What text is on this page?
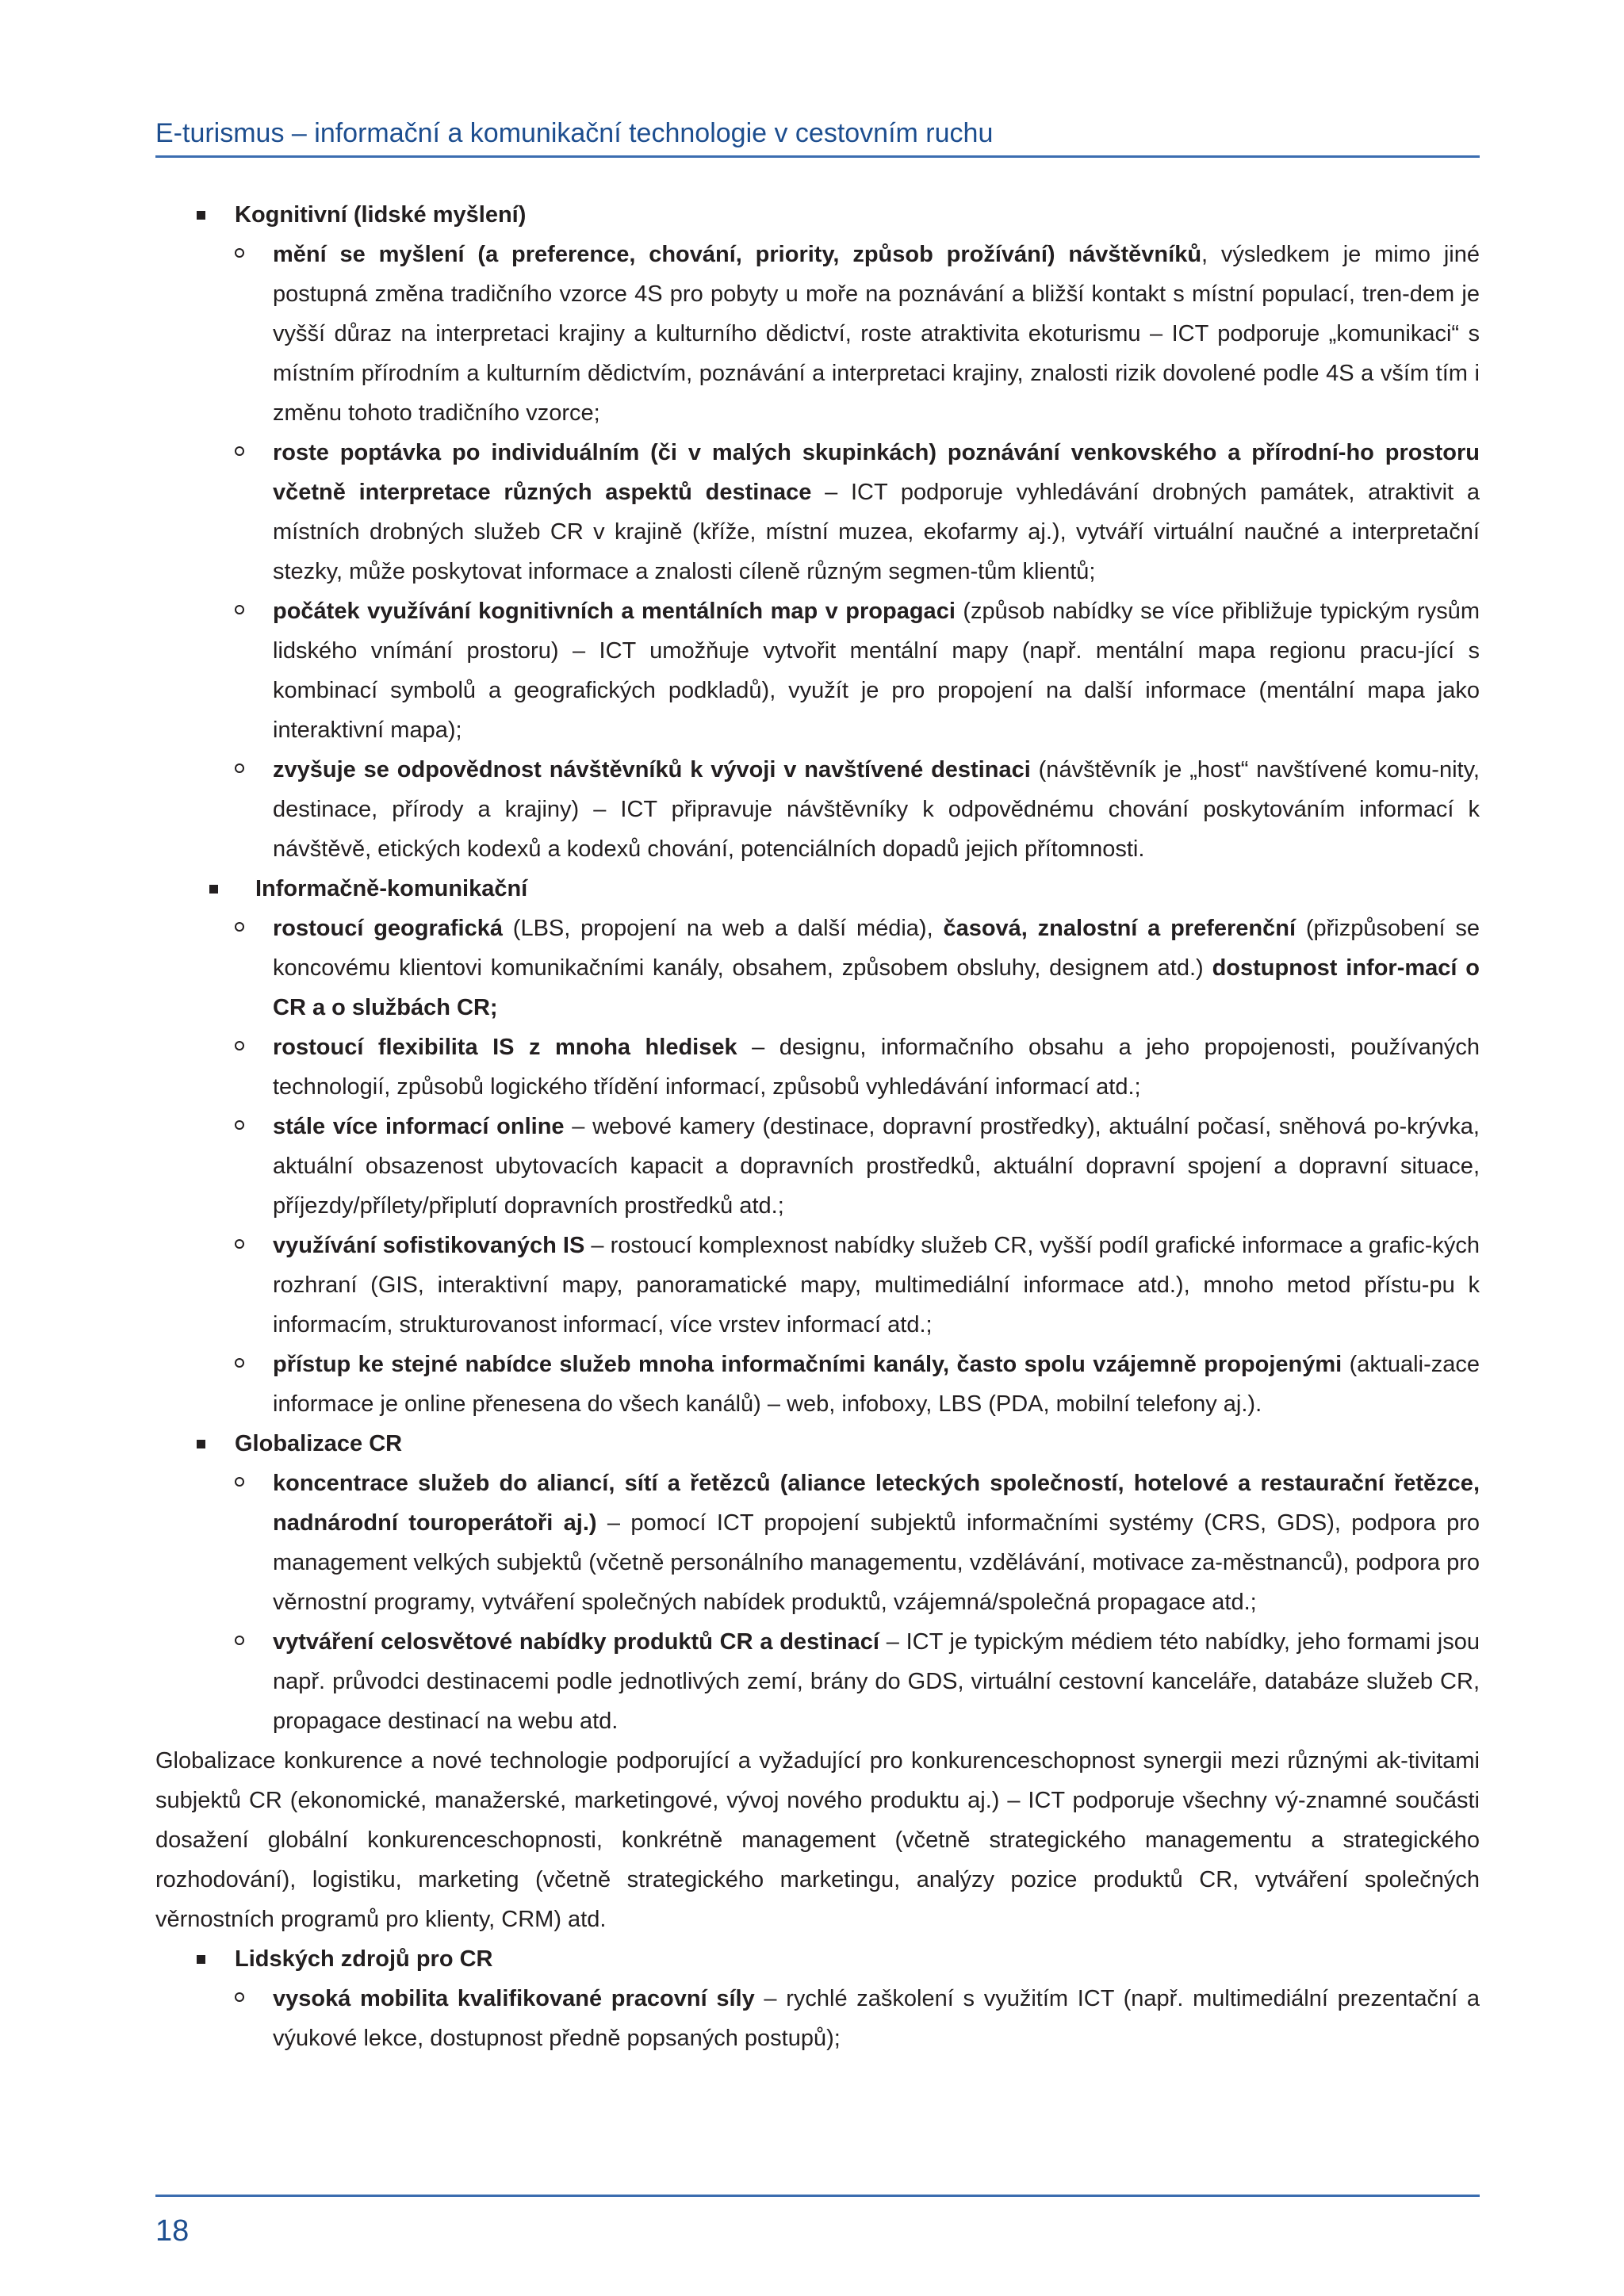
E-turismus – informační a komunikační technologie v cestovním ruchu
Kognitivní (lidské myšlení)
mění se myšlení (a preference, chování, priority, způsob prožívání) návštěvníků, výsledkem je mimo jiné postupná změna tradičního vzorce 4S pro pobyty u moře na poznávání a bližší kontakt s místní populací, tren-dem je vyšší důraz na interpretaci krajiny a kulturního dědictví, roste atraktivita ekoturismu – ICT podporuje „komunikaci“ s místním přírodním a kulturním dědictvím, poznávání a interpretaci krajiny, znalosti rizik dovolené podle 4S a vším tím i změnu tohoto tradičního vzorce;
roste poptávka po individuálním (či v malých skupinkách) poznávání venkovského a přírodní-ho prostoru včetně interpretace různých aspektů destinace – ICT podporuje vyhledávání drobných památek, atraktivit a místních drobných služeb CR v krajině (kříže, místní muzea, ekofarmy aj.), vytváří virtuální naučné a interpretační stezky, může poskytovat informace a znalosti cíleně různým segmen-tům klientů;
počátek využívání kognitivních a mentálních map v propagaci (způsob nabídky se více přibližuje typickým rysům lidského vnímání prostoru) – ICT umožňuje vytvořit mentální mapy (např. mentální mapa regionu pracu-jící s kombinací symbolů a geografických podkladů), využít je pro propojení na další informace (mentální mapa jako interaktivní mapa);
zvyšuje se odpovědnost návštěvníků k vývoji v navštívené destinaci (návštěvník je „host“ navštívené komu-nity, destinace, přírody a krajiny) – ICT připravuje návštěvníky k odpovědnému chování poskytováním informací k návštěvě, etických kodexů a kodexů chování, potenciálních dopadů jejich přítomnosti.
Informačně-komunikační
rostoucí geografická (LBS, propojení na web a další média), časová, znalostní a preferenční (přizpůsobení se koncovému klientovi komunikačními kanály, obsahem, způsobem obsluhy, designem atd.) dostupnost infor-mací o CR a o službách CR;
rostoucí flexibilita IS z mnoha hledisek – designu, informačního obsahu a jeho propojenosti, používaných technologií, způsobů logického třídění informací, způsobů vyhledávání informací atd.;
stále více informací online – webové kamery (destinace, dopravní prostředky), aktuální počasí, sněhová po-krývka, aktuální obsazenost ubytovacích kapacit a dopravních prostředků, aktuální dopravní spojení a dopravní situace, příjezdy/přílety/připlutí dopravních prostředků atd.;
využívání sofistikovaných IS – rostoucí komplexnost nabídky služeb CR, vyšší podíl grafické informace a grafic-kých rozhraní (GIS, interaktivní mapy, panoramatické mapy, multimediální informace atd.), mnoho metod přístu-pu k informacím, strukturovanost informací, více vrstev informací atd.;
přístup ke stejné nabídce služeb mnoha informačními kanály, často spolu vzájemně propojenými (aktuali-zace informace je online přenesena do všech kanálů) – web, infoboxy, LBS (PDA, mobilní telefony aj.).
Globalizace CR
koncentrace služeb do aliancí, sítí a řetězců (aliance leteckých společností, hotelové a restaurační řetězce, nadnárodní touroperátoři aj.) – pomocí ICT propojení subjektů informačními systémy (CRS, GDS), podpora pro management velkých subjektů (včetně personálního managementu, vzdělávání, motivace za-městnanců), podpora pro věrnostní programy, vytváření společných nabídek produktů, vzájemná/společná propagace atd.;
vytváření celosvětové nabídky produktů CR a destinací – ICT je typickým médiem této nabídky, jeho formami jsou např. průvodci destinacemi podle jednotlivých zemí, brány do GDS, virtuální cestovní kanceláře, databáze služeb CR, propagace destinací na webu atd.
Globalizace konkurence a nové technologie podporující a vyžadující pro konkurenceschopnost synergii mezi různými ak-tivitami subjektů CR (ekonomické, manažerské, marketingové, vývoj nového produktu aj.) – ICT podporuje všechny vý-znamné součásti dosažení globální konkurenceschopnosti, konkrétně management (včetně strategického managementu a strategického rozhodování), logistiku, marketing (včetně strategického marketingu, analýzy pozice produktů CR, vytváření společných věrnostních programů pro klienty, CRM) atd.
Lidských zdrojů pro CR
vysoká mobilita kvalifikované pracovní síly – rychlé zaškolení s využitím ICT (např. multimediální prezentační a výukové lekce, dostupnost předně popsaných postupů);
18
